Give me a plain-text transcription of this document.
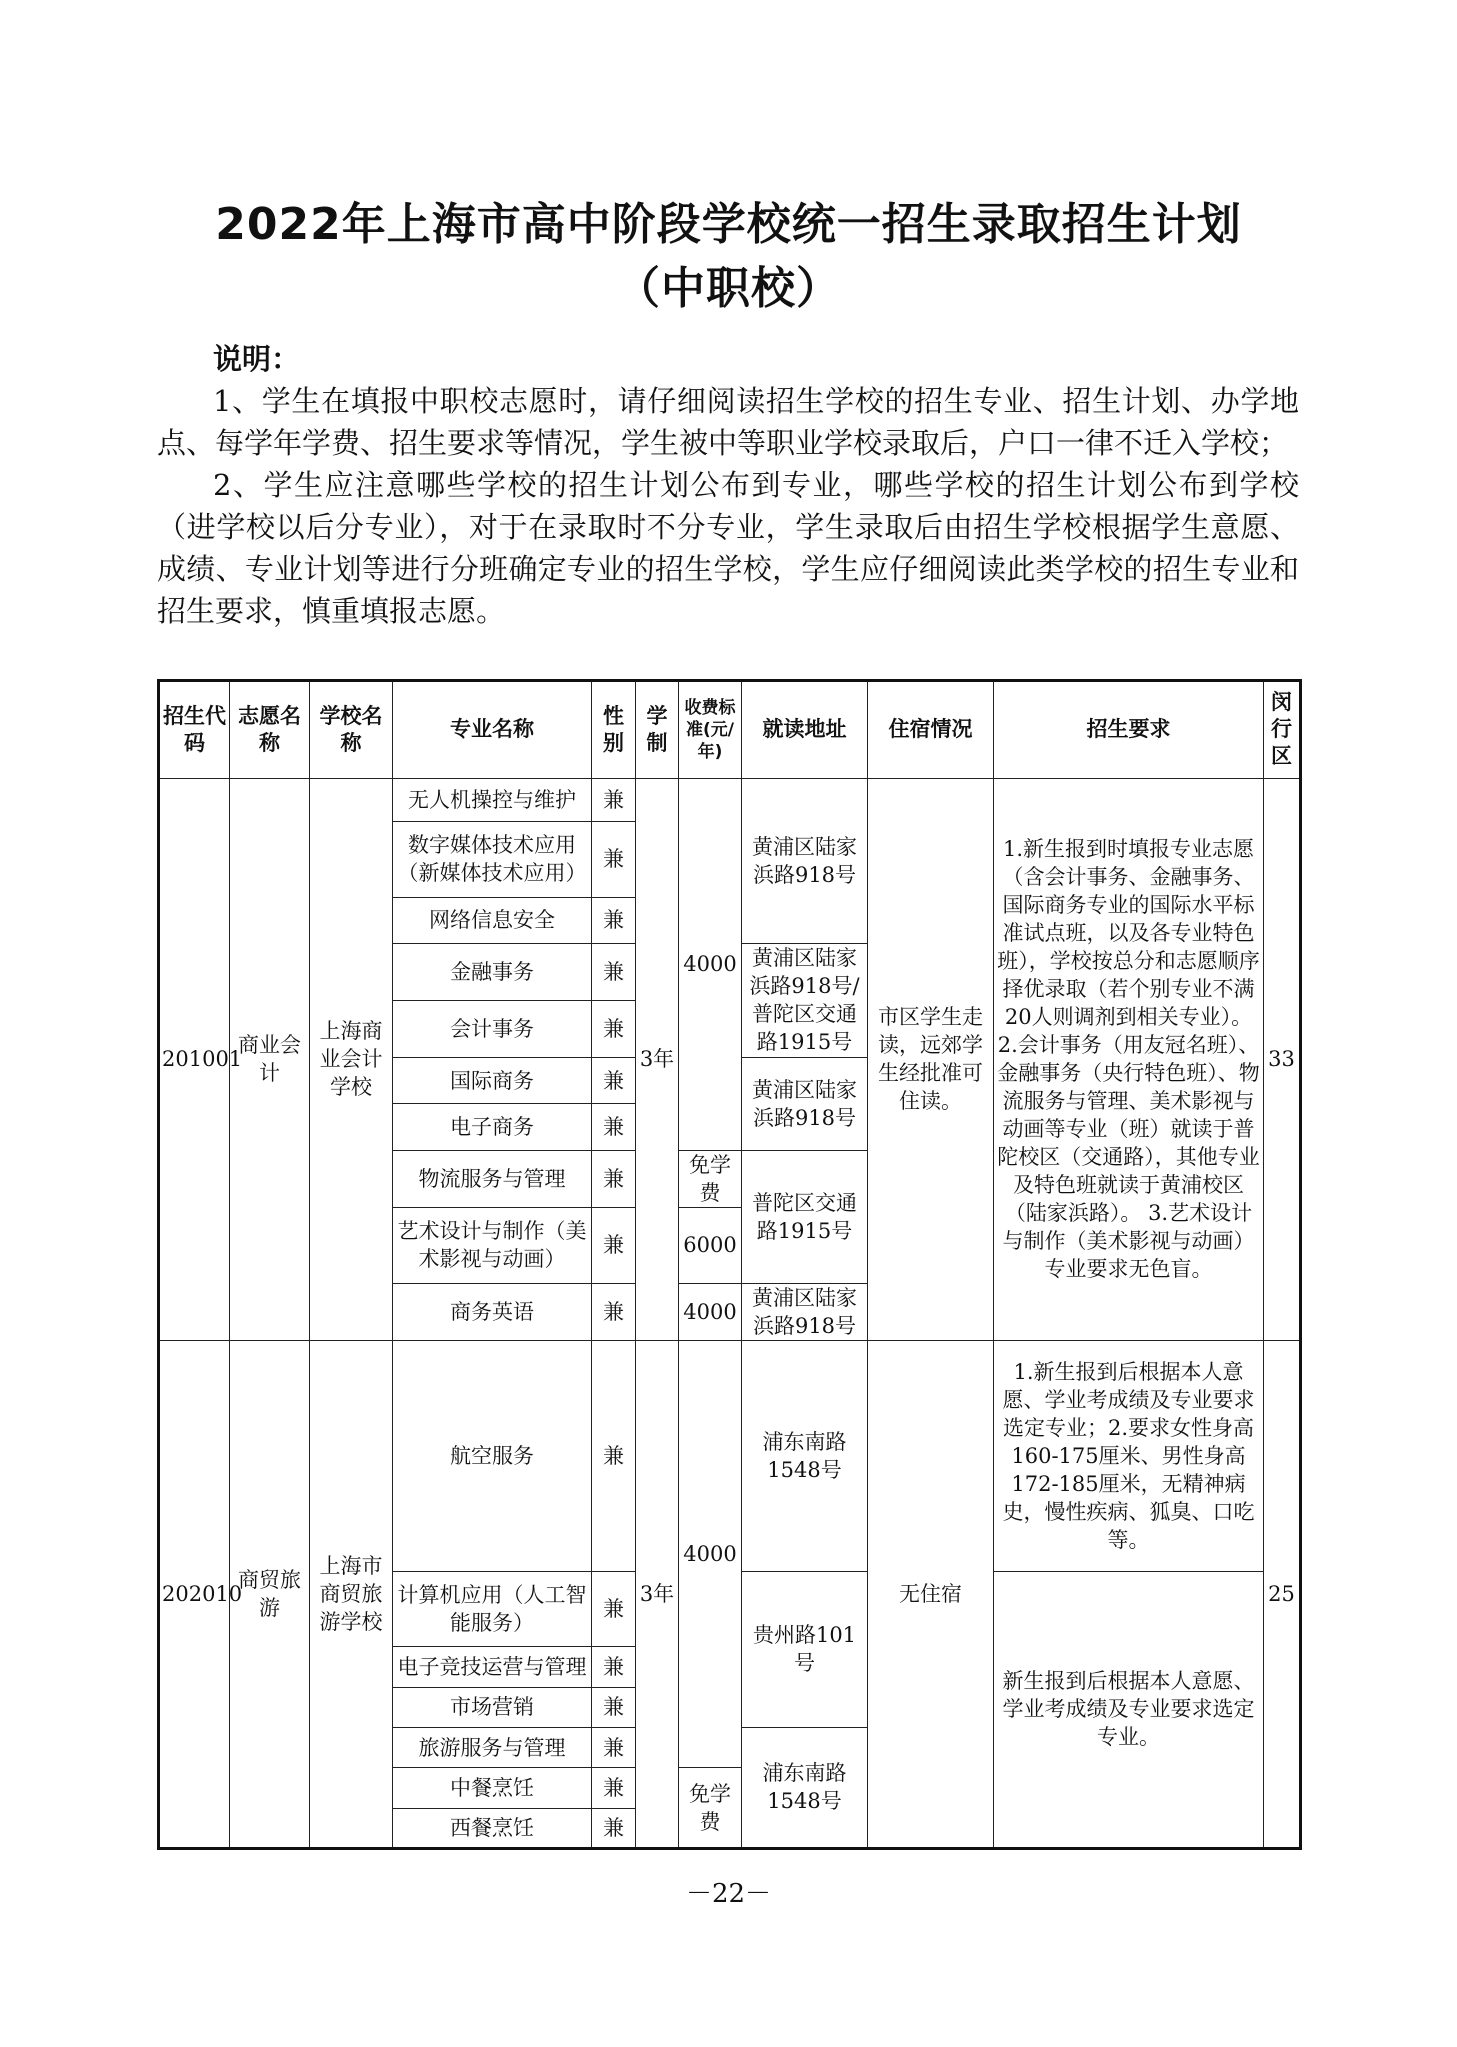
2022年上海市高中阶段学校统一招生录取招生计划
（中职校）

说明：

1、学生在填报中职校志愿时，请仔细阅读招生学校的招生专业、招生计划、办学地点、每学年学费、招生要求等情况，学生被中等职业学校录取后，户口一律不迁入学校；

2、学生应注意哪些学校的招生计划公布到专业，哪些学校的招生计划公布到学校（进学校以后分专业），对于在录取时不分专业，学生录取后由招生学校根据学生意愿、成绩、专业计划等进行分班确定专业的招生学校，学生应仔细阅读此类学校的招生专业和招生要求，慎重填报志愿。

招生代码	志愿名称	学校名称	专业名称	性别	学制	收费标准(元/年)	就读地址	住宿情况	招生要求	闵行区
201001	商业会计	上海商业会计学校	无人机操控与维护	兼	3年	4000	黄浦区陆家浜路918号	市区学生走读，远郊学生经批准可住读。	1.新生报到时填报专业志愿（含会计事务、金融事务、国际商务专业的国际水平标准试点班，以及各专业特色班），学校按总分和志愿顺序择优录取（若个别专业不满20人则调剂到相关专业）。 2.会计事务（用友冠名班）、金融事务（央行特色班）、物流服务与管理、美术影视与动画等专业（班）就读于普陀校区（交通路），其他专业及特色班就读于黄浦校区（陆家浜路）。 3.艺术设计与制作（美术影视与动画）专业要求无色盲。	33
			数字媒体技术应用（新媒体技术应用）	兼						
			网络信息安全	兼						
			金融事务	兼			黄浦区陆家浜路918号/普陀区交通路1915号			
			会计事务	兼						
			国际商务	兼			黄浦区陆家浜路918号			
			电子商务	兼						
			物流服务与管理	兼		免学费	普陀区交通路1915号			
			艺术设计与制作（美术影视与动画）	兼		6000				
			商务英语	兼		4000	黄浦区陆家浜路918号			
202010	商贸旅游	上海市商贸旅游学校	航空服务	兼	3年	4000	浦东南路1548号	无住宿	1.新生报到后根据本人意愿、学业考成绩及专业要求选定专业；2.要求女性身高160-175厘米、男性身高172-185厘米，无精神病史，慢性疾病、狐臭、口吃等。	25
			计算机应用（人工智能服务）	兼			贵州路101号		新生报到后根据本人意愿、学业考成绩及专业要求选定专业。	
			电子竞技运营与管理	兼						
			市场营销	兼						
			旅游服务与管理	兼			浦东南路1548号			
			中餐烹饪	兼		免学费				
			西餐烹饪	兼						
－22－
